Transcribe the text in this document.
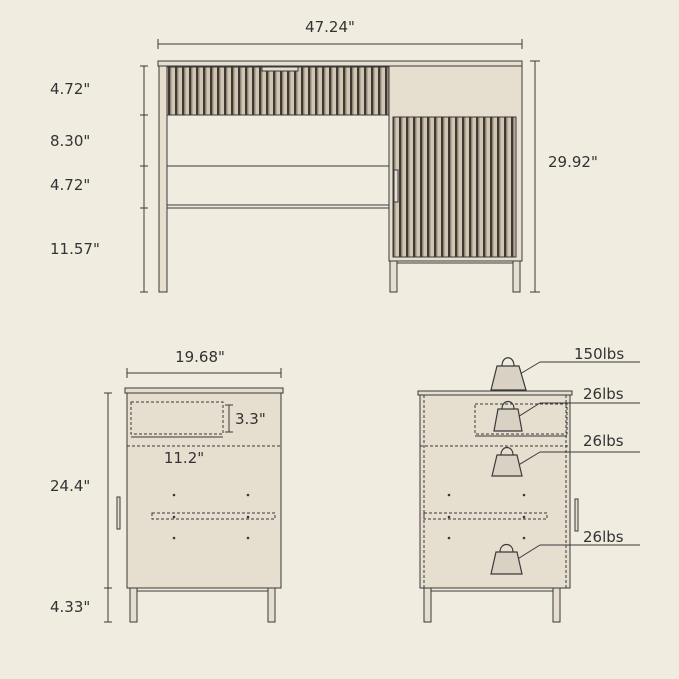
47.24"
29.92"
4.72"
8.30"
4.72"
11.57"
19.68"
3.3"
11.2"
24.4"
4.33"
150lbs
26lbs
26lbs
26lbs
